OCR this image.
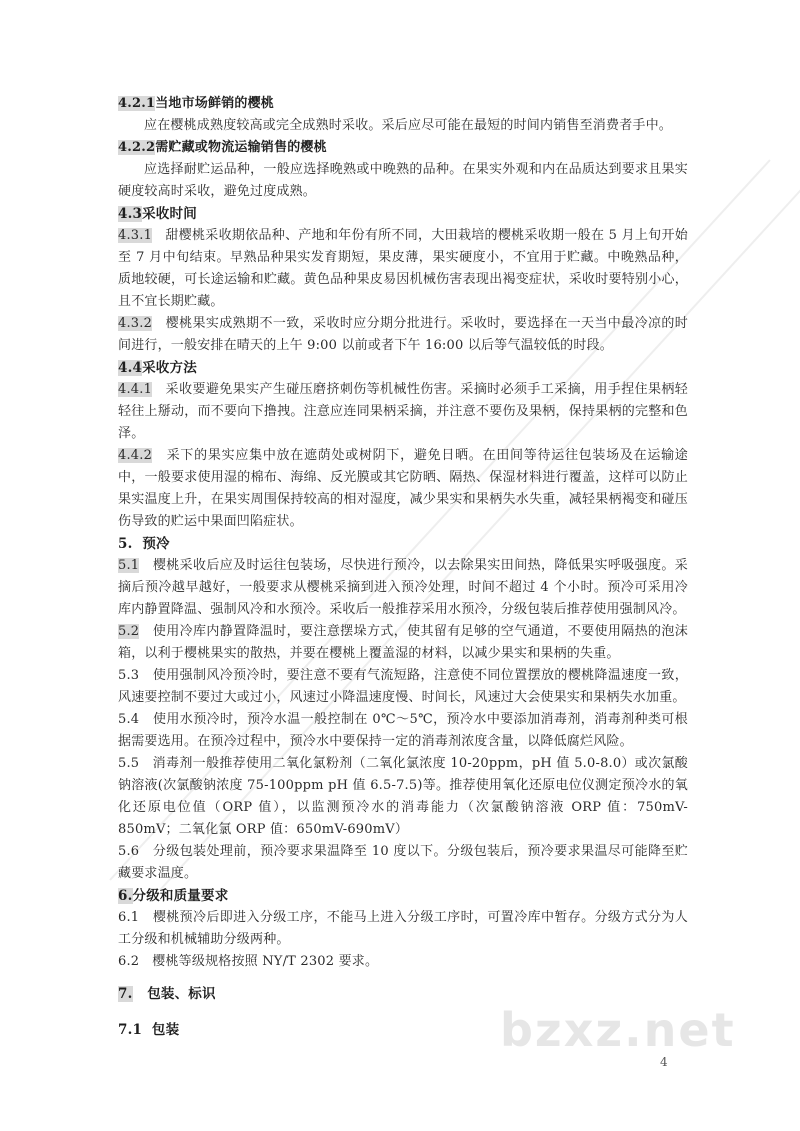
4.2.1当地市场鲜销的樱桃
应在樱桃成熟度较高或完全成熟时采收。采后应尽可能在最短的时间内销售至消费者手中。
4.2.2需贮藏或物流运输销售的樱桃
应选择耐贮运品种，一般应选择晚熟或中晚熟的品种。在果实外观和内在品质达到要求且果实硬度较高时采收，避免过度成熟。
4.3采收时间
4.3.1 甜樱桃采收期依品种、产地和年份有所不同，大田栽培的樱桃采收期一般在 5 月上旬开始至 7 月中旬结束。早熟品种果实发育期短，果皮薄，果实硬度小，不宜用于贮藏。中晚熟品种，质地较硬，可长途运输和贮藏。黄色品种果皮易因机械伤害表现出褐变症状，采收时要特别小心，且不宜长期贮藏。
4.3.2 樱桃果实成熟期不一致，采收时应分期分批进行。采收时，要选择在一天当中最冷凉的时间进行，一般安排在晴天的上午 9:00 以前或者下午 16:00 以后等气温较低的时段。
4.4采收方法
4.4.1 采收要避免果实产生碰压磨挤刺伤等机械性伤害。采摘时必须手工采摘，用手捏住果柄轻轻往上掰动，而不要向下撸拽。注意应连同果柄采摘，并注意不要伤及果柄，保持果柄的完整和色泽。
4.4.2 采下的果实应集中放在遮荫处或树阴下，避免日晒。在田间等待运往包装场及在运输途中，一般要求使用湿的棉布、海绵、反光膜或其它防晒、隔热、保湿材料进行覆盖，这样可以防止果实温度上升，在果实周围保持较高的相对湿度，减少果实和果柄失水失重，减轻果柄褐变和碰压伤导致的贮运中果面凹陷症状。
5. 预冷
5.1 樱桃采收后应及时运往包装场，尽快进行预冷，以去除果实田间热，降低果实呼吸强度。采摘后预冷越早越好，一般要求从樱桃采摘到进入预冷处理，时间不超过 4 个小时。预冷可采用冷库内静置降温、强制风冷和水预冷。采收后一般推荐采用水预冷，分级包装后推荐使用强制风冷。
5.2 使用冷库内静置降温时，要注意摆垛方式，使其留有足够的空气通道，不要使用隔热的泡沫箱，以利于樱桃果实的散热，并要在樱桃上覆盖湿的材料，以减少果实和果柄的失重。
5.3 使用强制风冷预冷时，要注意不要有气流短路，注意使不同位置摆放的樱桃降温速度一致，风速要控制不要过大或过小，风速过小降温速度慢、时间长，风速过大会使果实和果柄失水加重。
5.4 使用水预冷时，预冷水温一般控制在 0℃～5℃，预冷水中要添加消毒剂，消毒剂种类可根据需要选用。在预冷过程中，预冷水中要保持一定的消毒剂浓度含量，以降低腐烂风险。
5.5 消毒剂一般推荐使用二氧化氯粉剂（二氧化氯浓度 10-20ppm，pH 值 5.0-8.0）或次氯酸钠溶液(次氯酸钠浓度 75-100ppm pH 值 6.5-7.5)等。推荐使用氧化还原电位仪测定预冷水的氧化还原电位值（ORP 值），以监测预冷水的消毒能力（次氯酸钠溶液 ORP 值：750mV-850mV；二氧化氯 ORP 值：650mV-690mV）
5.6 分级包装处理前，预冷要求果温降至 10 度以下。分级包装后，预冷要求果温尽可能降至贮藏要求温度。
6.分级和质量要求
6.1 樱桃预冷后即进入分级工序，不能马上进入分级工序时，可置冷库中暂存。分级方式分为人工分级和机械辅助分级两种。
6.2 樱桃等级规格按照 NY/T 2302 要求。
7. 包装、标识
7.1 包装	bzxz.net
4
